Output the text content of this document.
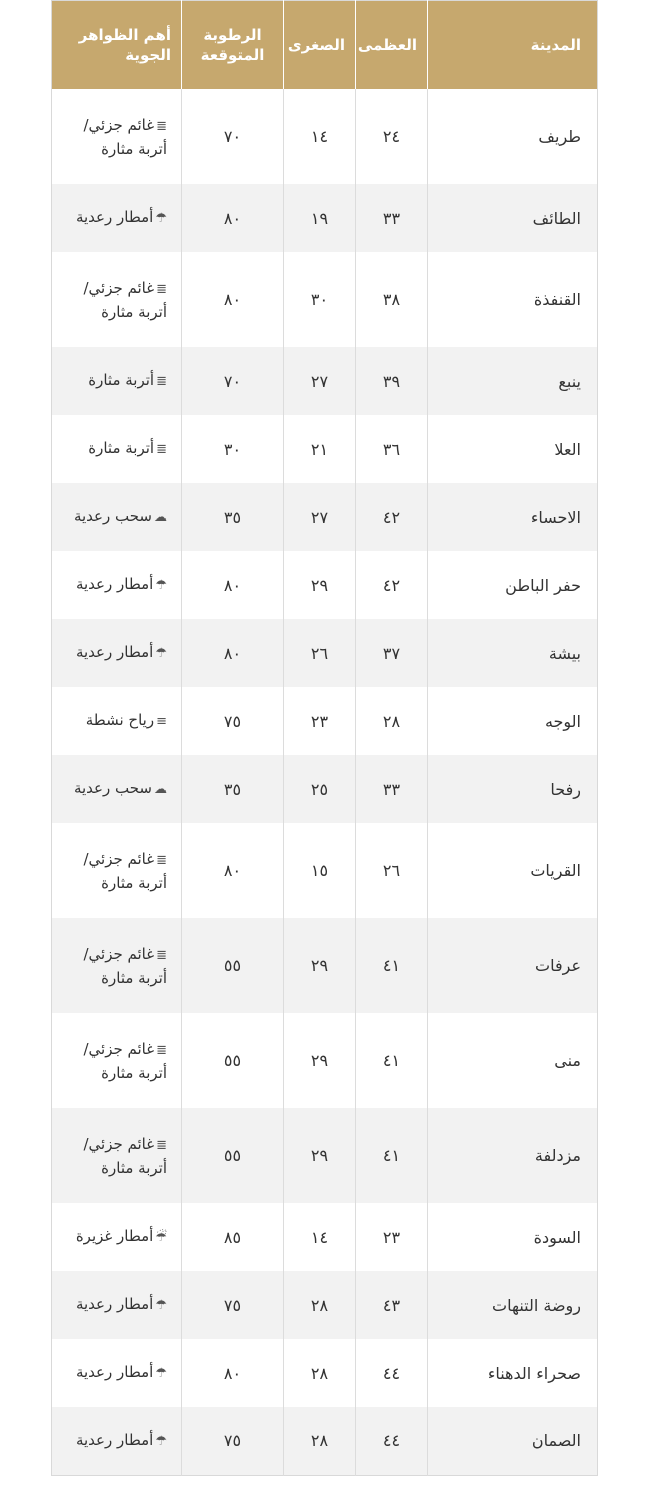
المدينة	العظمى	الصغرى	الرطوبة المتوقعة	أهم الظواهر الجوية
طريف	٢٤	١٤	٧٠	≣غائم جزئي/أتربة مثارة
الطائف	٣٣	١٩	٨٠	☂أمطار رعدية
القنفذة	٣٨	٣٠	٨٠	≣غائم جزئي/أتربة مثارة
ينبع	٣٩	٢٧	٧٠	≣أتربة مثارة
العلا	٣٦	٢١	٣٠	≣أتربة مثارة
الاحساء	٤٢	٢٧	٣٥	☁سحب رعدية
حفر الباطن	٤٢	٢٩	٨٠	☂أمطار رعدية
بيشة	٣٧	٢٦	٨٠	☂أمطار رعدية
الوجه	٢٨	٢٣	٧٥	≡رياح نشطة
رفحا	٣٣	٢٥	٣٥	☁سحب رعدية
القريات	٢٦	١٥	٨٠	≣غائم جزئي/أتربة مثارة
عرفات	٤١	٢٩	٥٥	≣غائم جزئي/أتربة مثارة
منى	٤١	٢٩	٥٥	≣غائم جزئي/أتربة مثارة
مزدلفة	٤١	٢٩	٥٥	≣غائم جزئي/أتربة مثارة
السودة	٢٣	١٤	٨٥	☔أمطار غزيرة
روضة التنهات	٤٣	٢٨	٧٥	☂أمطار رعدية
صحراء الدهناء	٤٤	٢٨	٨٠	☂أمطار رعدية
الصمان	٤٤	٢٨	٧٥	☂أمطار رعدية
